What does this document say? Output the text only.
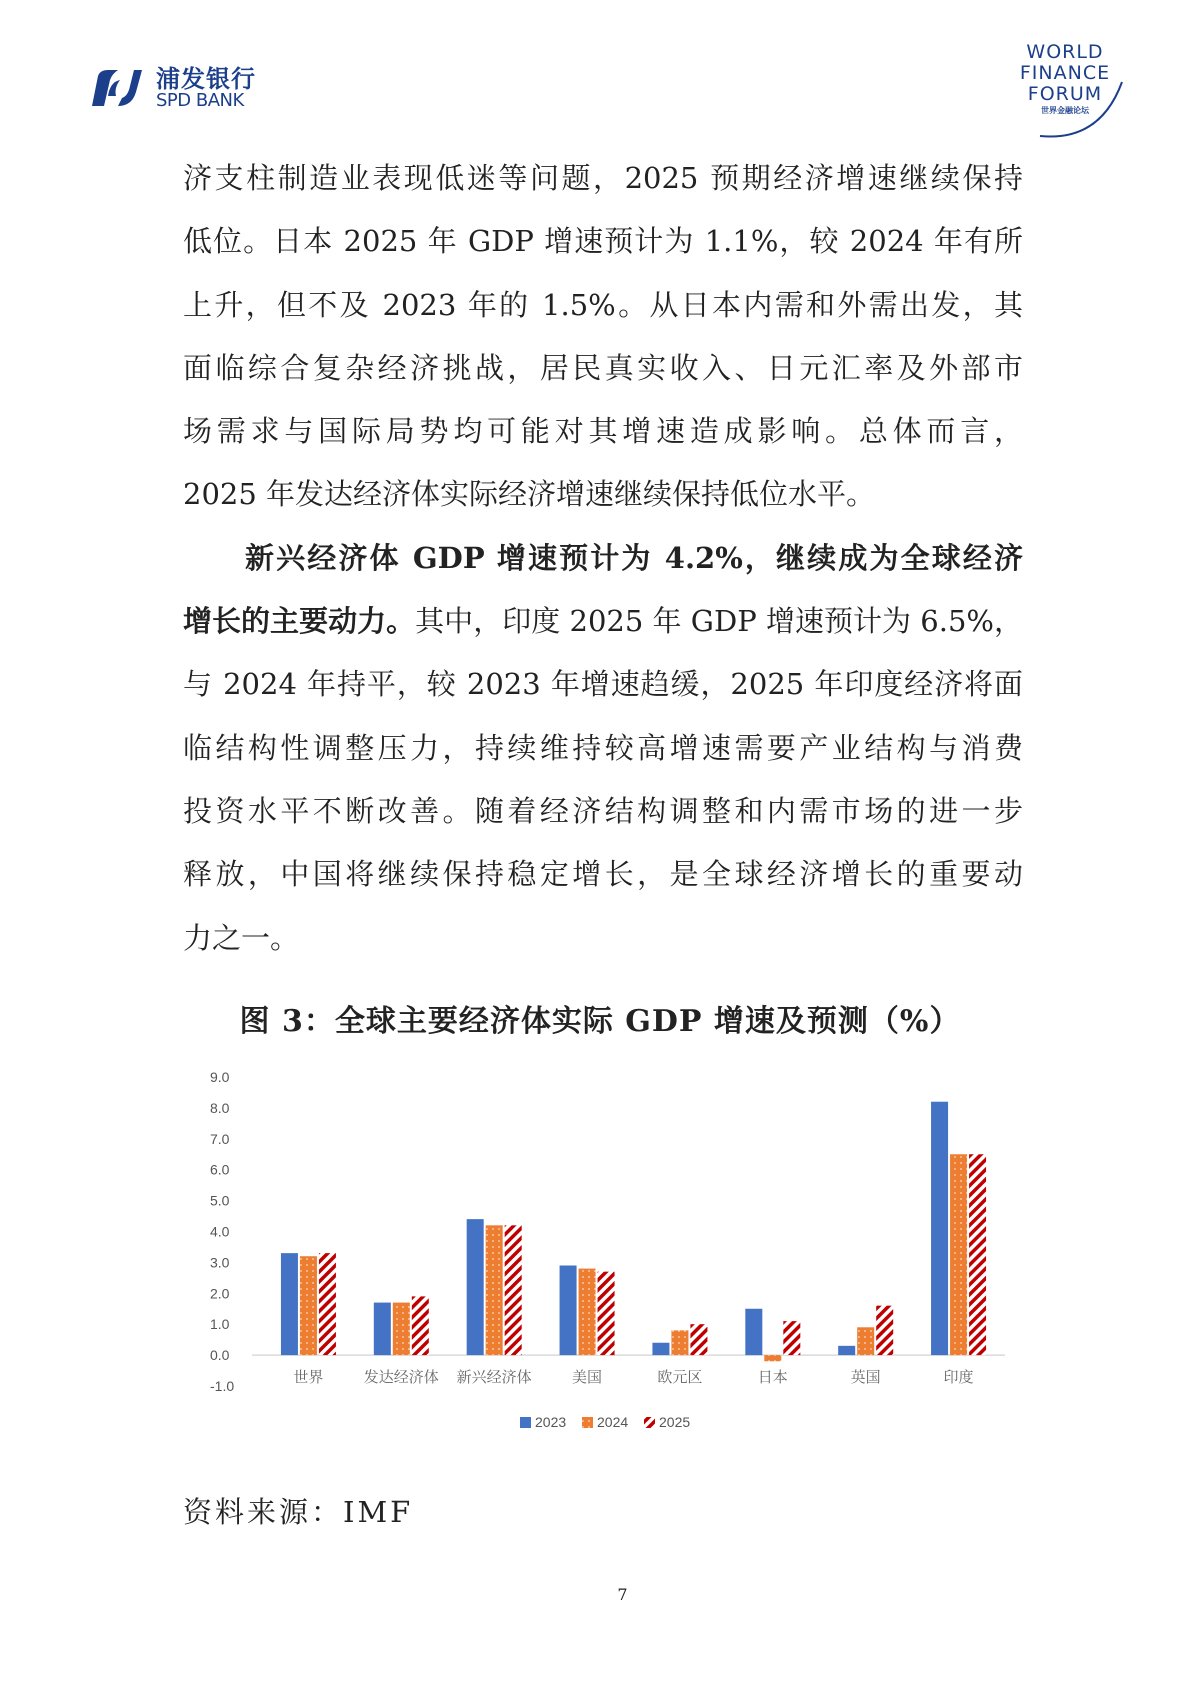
浦发银行
SPD BANK
WORLD
FINANCE
FORUM
世界金融论坛
济支柱制造业表现低迷等问题，2025 预期经济增速继续保持
低位。日本 2025 年 GDP 增速预计为 1.1%，较 2024 年有所
上升，但不及 2023 年的 1.5%。从日本内需和外需出发，其
面临综合复杂经济挑战，居民真实收入、日元汇率及外部市
场需求与国际局势均可能对其增速造成影响。总体而言，
2025 年发达经济体实际经济增速继续保持低位水平。
新兴经济体 GDP 增速预计为 4.2%，继续成为全球经济
增长的主要动力。其中，印度 2025 年 GDP 增速预计为 6.5%，
与 2024 年持平，较 2023 年增速趋缓，2025 年印度经济将面
临结构性调整压力，持续维持较高增速需要产业结构与消费
投资水平不断改善。随着经济结构调整和内需市场的进一步
释放，中国将继续保持稳定增长，是全球经济增长的重要动
力之一。
图 3：全球主要经济体实际 GDP 增速及预测（%）
9.0
8.0
7.0
6.0
5.0
4.0
3.0
2.0
1.0
0.0
-1.0	世界	发达经济体 新兴经济体	美国	欧元区	日本	英国	印度
2023 2024 2025
资料来源：IMF
7
